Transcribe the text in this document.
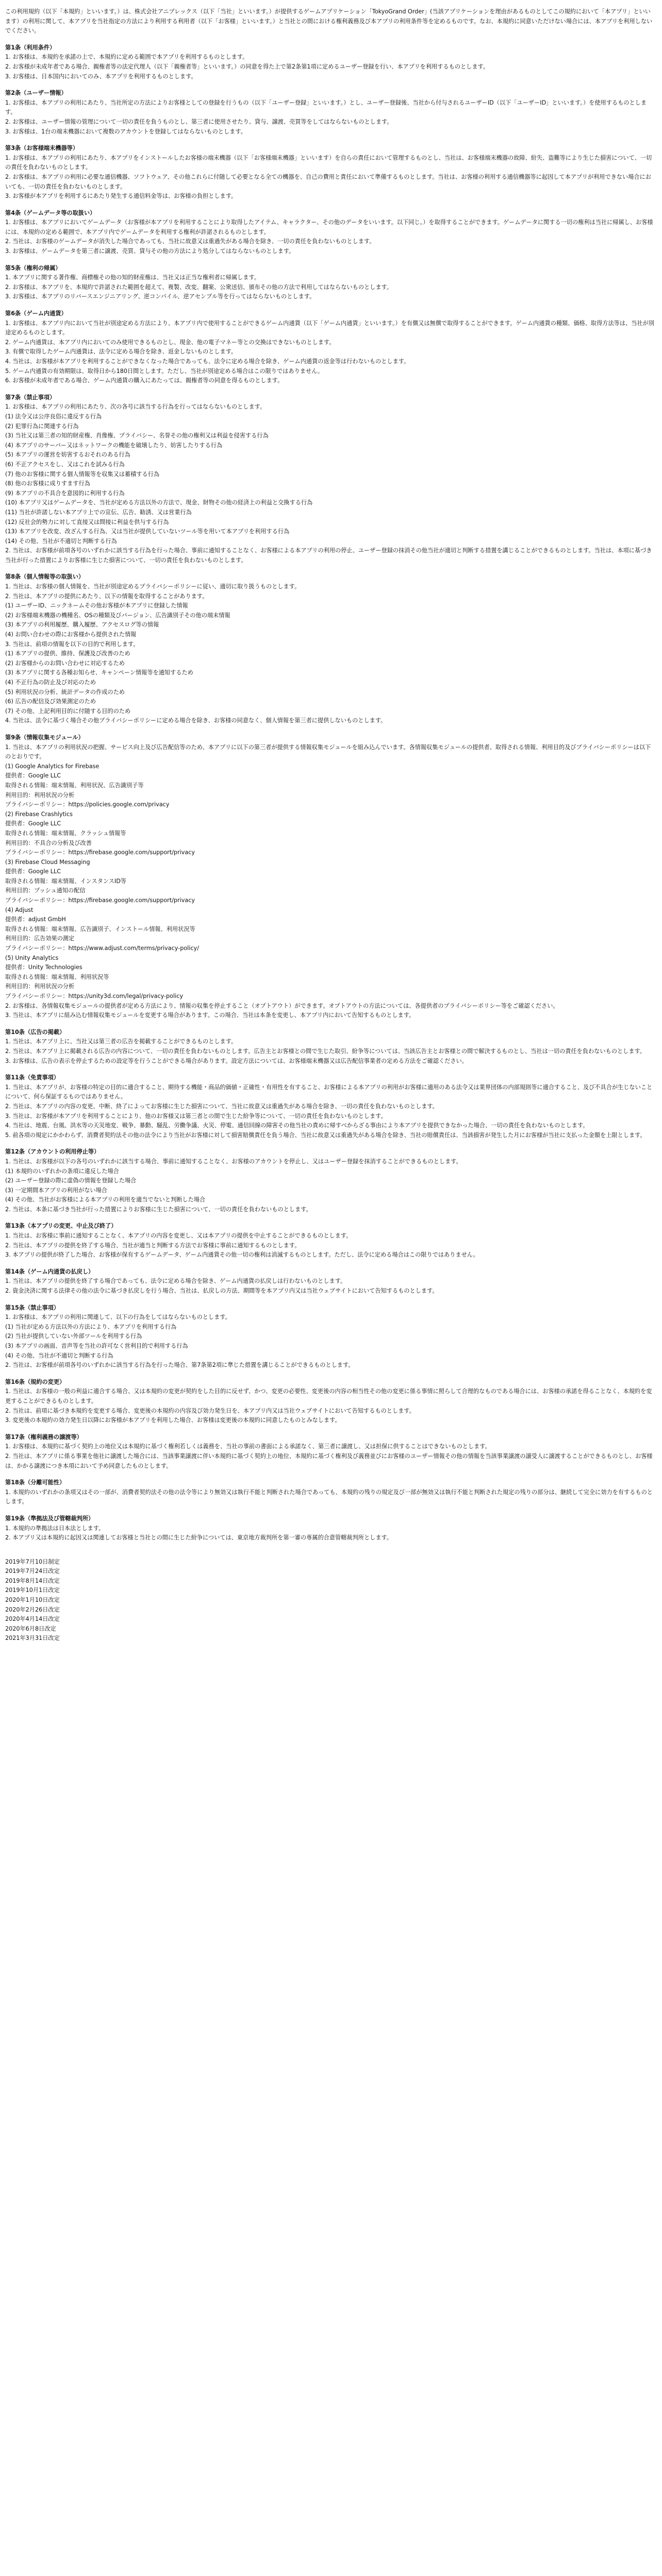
この利用規約（以下「本規約」といいます。）は、株式会社アニプレックス（以下「当社」といいます。）が提供するゲームアプリケーション「TokyoGrand Order」(当該アプリケーションを理由があるものとしてこの規約において「本アプリ」といいます）の利用に関して、本アプリを当社指定の方法により利用する利用者（以下「お客様」といいます。）と当社との間における権利義務及び本アプリの利用条件等を定めるものです。なお、本規約に同意いただけない場合には、本アプリを利用しないでください。

第1条（利用条件）

1. お客様は、本規約を承諾の上で、本規約に定める範囲で本アプリを利用するものとします。

2. お客様が未成年者である場合、親権者等の法定代理人（以下「親権者等」といいます。）の同意を得た上で第2条第1項に定めるユーザー登録を行い、本アプリを利用するものとします。

3. お客様は、日本国内においてのみ、本アプリを利用するものとします。

第2条（ユーザー情報）

1. お客様は、本アプリの利用にあたり、当社所定の方法によりお客様としての登録を行うもの（以下「ユーザー登録」といいます。）とし、ユーザー登録後、当社から付与されるユーザーID（以下「ユーザーID」といいます。）を使用するものとします。

2. お客様は、ユーザー情報の管理について一切の責任を負うものとし、第三者に使用させたり、貸与、譲渡、売買等をしてはならないものとします。

3. お客様は、1台の端末機器において複数のアカウントを登録してはならないものとします。

第3条（お客様端末機器等）

1. お客様は、本アプリの利用にあたり、本アプリをインストールしたお客様の端末機器（以下「お客様端末機器」といいます）を自らの責任において管理するものとし、当社は、お客様端末機器の故障、紛失、盗難等により生じた損害について、一切の責任を負わないものとします。

2. お客様は、本アプリの利用に必要な通信機器、ソフトウェア、その他これらに付随して必要となる全ての機器を、自己の費用と責任において準備するものとします。当社は、お客様の利用する通信機器等に起因して本アプリが利用できない場合においても、一切の責任を負わないものとします。

3. お客様が本アプリを利用するにあたり発生する通信料金等は、お客様の負担とします。

第4条（ゲームデータ等の取扱い）

1. お客様は、本アプリにおいてゲームデータ（お客様が本アプリを利用することにより取得したアイテム、キャラクター、その他のデータをいいます。以下同じ。）を取得することができます。ゲームデータに関する一切の権利は当社に帰属し、お客様には、本規約の定める範囲で、本アプリ内でゲームデータを利用する権利が許諾されるものとします。

2. 当社は、お客様のゲームデータが消失した場合であっても、当社に故意又は重過失がある場合を除き、一切の責任を負わないものとします。

3. お客様は、ゲームデータを第三者に譲渡、売買、貸与その他の方法により処分してはならないものとします。

第5条（権利の帰属）

1. 本アプリに関する著作権、商標権その他の知的財産権は、当社又は正当な権利者に帰属します。

2. お客様は、本アプリを、本規約で許諾された範囲を超えて、複製、改変、翻案、公衆送信、頒布その他の方法で利用してはならないものとします。

3. お客様は、本アプリのリバースエンジニアリング、逆コンパイル、逆アセンブル等を行ってはならないものとします。

第6条（ゲーム内通貨）

1. お客様は、本アプリ内において当社が別途定める方法により、本アプリ内で使用することができるゲーム内通貨（以下「ゲーム内通貨」といいます。）を有償又は無償で取得することができます。ゲーム内通貨の種類、価格、取得方法等は、当社が別途定めるものとします。

2. ゲーム内通貨は、本アプリ内においてのみ使用できるものとし、現金、他の電子マネー等との交換はできないものとします。

3. 有償で取得したゲーム内通貨は、法令に定める場合を除き、返金しないものとします。

4. 当社は、お客様が本アプリを利用することができなくなった場合であっても、法令に定める場合を除き、ゲーム内通貨の返金等は行わないものとします。

5. ゲーム内通貨の有効期限は、取得日から180日間とします。ただし、当社が別途定める場合はこの限りではありません。

6. お客様が未成年者である場合、ゲーム内通貨の購入にあたっては、親権者等の同意を得るものとします。

第7条（禁止事項）

1. お客様は、本アプリの利用にあたり、次の各号に該当する行為を行ってはならないものとします。

(1) 法令又は公序良俗に違反する行為

(2) 犯罪行為に関連する行為

(3) 当社又は第三者の知的財産権、肖像権、プライバシー、名誉その他の権利又は利益を侵害する行為

(4) 本アプリのサーバー又はネットワークの機能を破壊したり、妨害したりする行為

(5) 本アプリの運営を妨害するおそれのある行為

(6) 不正アクセスをし、又はこれを試みる行為

(7) 他のお客様に関する個人情報等を収集又は蓄積する行為

(8) 他のお客様に成りすます行為

(9) 本アプリの不具合を意図的に利用する行為

(10) 本アプリ又はゲームデータを、当社が定める方法以外の方法で、現金、財物その他の経済上の利益と交換する行為

(11) 当社が許諾しない本アプリ上での宣伝、広告、勧誘、又は営業行為

(12) 反社会的勢力に対して直接又は間接に利益を供与する行為

(13) 本アプリを改変、改ざんする行為、又は当社が提供していないツール等を用いて本アプリを利用する行為

(14) その他、当社が不適切と判断する行為

2. 当社は、お客様が前項各号のいずれかに該当する行為を行った場合、事前に通知することなく、お客様による本アプリの利用の停止、ユーザー登録の抹消その他当社が適切と判断する措置を講じることができるものとします。当社は、本項に基づき当社が行った措置によりお客様に生じた損害について、一切の責任を負わないものとします。

第8条（個人情報等の取扱い）

1. 当社は、お客様の個人情報を、当社が別途定めるプライバシーポリシーに従い、適切に取り扱うものとします。

2. 当社は、本アプリの提供にあたり、以下の情報を取得することがあります。

(1) ユーザーID、ニックネームその他お客様が本アプリに登録した情報

(2) お客様端末機器の機種名、OSの種類及びバージョン、広告識別子その他の端末情報

(3) 本アプリの利用履歴、購入履歴、アクセスログ等の情報

(4) お問い合わせの際にお客様から提供された情報

3. 当社は、前項の情報を以下の目的で利用します。

(1) 本アプリの提供、維持、保護及び改善のため

(2) お客様からのお問い合わせに対応するため

(3) 本アプリに関する各種お知らせ、キャンペーン情報等を通知するため

(4) 不正行為の防止及び対応のため

(5) 利用状況の分析、統計データの作成のため

(6) 広告の配信及び効果測定のため

(7) その他、上記利用目的に付随する目的のため

4. 当社は、法令に基づく場合その他プライバシーポリシーに定める場合を除き、お客様の同意なく、個人情報を第三者に提供しないものとします。

第9条（情報収集モジュール）

1. 当社は、本アプリの利用状況の把握、サービス向上及び広告配信等のため、本アプリに以下の第三者が提供する情報収集モジュールを組み込んでいます。各情報収集モジュールの提供者、取得される情報、利用目的及びプライバシーポリシーは以下のとおりです。

(1) Google Analytics for Firebase

提供者：Google LLC

取得される情報：端末情報、利用状況、広告識別子等

利用目的：利用状況の分析

プライバシーポリシー：https://policies.google.com/privacy

(2) Firebase Crashlytics

提供者：Google LLC

取得される情報：端末情報、クラッシュ情報等

利用目的：不具合の分析及び改善

プライバシーポリシー：https://firebase.google.com/support/privacy

(3) Firebase Cloud Messaging

提供者：Google LLC

取得される情報：端末情報、インスタンスID等

利用目的：プッシュ通知の配信

プライバシーポリシー：https://firebase.google.com/support/privacy

(4) Adjust

提供者：adjust GmbH

取得される情報：端末情報、広告識別子、インストール情報、利用状況等

利用目的：広告効果の測定

プライバシーポリシー：https://www.adjust.com/terms/privacy-policy/

(5) Unity Analytics

提供者：Unity Technologies

取得される情報：端末情報、利用状況等

利用目的：利用状況の分析

プライバシーポリシー：https://unity3d.com/legal/privacy-policy

2. お客様は、各情報収集モジュールの提供者が定める方法により、情報の収集を停止すること（オプトアウト）ができます。オプトアウトの方法については、各提供者のプライバシーポリシー等をご確認ください。

3. 当社は、本アプリに組み込む情報収集モジュールを変更する場合があります。この場合、当社は本条を変更し、本アプリ内において告知するものとします。

第10条（広告の掲載）

1. 当社は、本アプリ上に、当社又は第三者の広告を掲載することができるものとします。

2. 当社は、本アプリ上に掲載される広告の内容について、一切の責任を負わないものとします。広告主とお客様との間で生じた取引、紛争等については、当該広告主とお客様との間で解決するものとし、当社は一切の責任を負わないものとします。

3. お客様は、広告の表示を停止するための設定等を行うことができる場合があります。設定方法については、お客様端末機器又は広告配信事業者の定める方法をご確認ください。

第11条（免責事項）

1. 当社は、本アプリが、お客様の特定の目的に適合すること、期待する機能・商品的価値・正確性・有用性を有すること、お客様による本アプリの利用がお客様に適用のある法令又は業界団体の内部規則等に適合すること、及び不具合が生じないことについて、何ら保証するものではありません。

2. 当社は、本アプリの内容の変更、中断、終了によってお客様に生じた損害について、当社に故意又は重過失がある場合を除き、一切の責任を負わないものとします。

3. 当社は、お客様が本アプリを利用することにより、他のお客様又は第三者との間で生じた紛争等について、一切の責任を負わないものとします。

4. 当社は、地震、台風、洪水等の天災地変、戦争、暴動、騒乱、労働争議、火災、停電、通信回線の障害その他当社の責めに帰すべからざる事由により本アプリを提供できなかった場合、一切の責任を負わないものとします。

5. 前各項の規定にかかわらず、消費者契約法その他の法令により当社がお客様に対して損害賠償責任を負う場合、当社に故意又は重過失がある場合を除き、当社の賠償責任は、当該損害が発生した月にお客様が当社に支払った金額を上限とします。

第12条（アカウントの利用停止等）

1. 当社は、お客様が以下の各号のいずれかに該当する場合、事前に通知することなく、お客様のアカウントを停止し、又はユーザー登録を抹消することができるものとします。

(1) 本規約のいずれかの条項に違反した場合

(2) ユーザー登録の際に虚偽の情報を登録した場合

(3) 一定期間本アプリの利用がない場合

(4) その他、当社がお客様による本アプリの利用を適当でないと判断した場合

2. 当社は、本条に基づき当社が行った措置によりお客様に生じた損害について、一切の責任を負わないものとします。

第13条（本アプリの変更、中止及び終了）

1. 当社は、お客様に事前に通知することなく、本アプリの内容を変更し、又は本アプリの提供を中止することができるものとします。

2. 当社は、本アプリの提供を終了する場合、当社が適当と判断する方法でお客様に事前に通知するものとします。

3. 本アプリの提供が終了した場合、お客様が保有するゲームデータ、ゲーム内通貨その他一切の権利は消滅するものとします。ただし、法令に定める場合はこの限りではありません。

第14条（ゲーム内通貨の払戻し）

1. 当社は、本アプリの提供を終了する場合であっても、法令に定める場合を除き、ゲーム内通貨の払戻しは行わないものとします。

2. 資金決済に関する法律その他の法令に基づき払戻しを行う場合、当社は、払戻しの方法、期間等を本アプリ内又は当社ウェブサイトにおいて告知するものとします。

第15条（禁止事項）

1. お客様は、本アプリの利用に関連して、以下の行為をしてはならないものとします。

(1) 当社が定める方法以外の方法により、本アプリを利用する行為

(2) 当社が提供していない外部ツールを利用する行為

(3) 本アプリの画面、音声等を当社の許可なく営利目的で利用する行為

(4) その他、当社が不適切と判断する行為

2. 当社は、お客様が前項各号のいずれかに該当する行為を行った場合、第7条第2項に準じた措置を講じることができるものとします。

第16条（規約の変更）

1. 当社は、お客様の一般の利益に適合する場合、又は本規約の変更が契約をした目的に反せず、かつ、変更の必要性、変更後の内容の相当性その他の変更に係る事情に照らして合理的なものである場合には、お客様の承諾を得ることなく、本規約を変更することができるものとします。

2. 当社は、前項に基づき本規約を変更する場合、変更後の本規約の内容及び効力発生日を、本アプリ内又は当社ウェブサイトにおいて告知するものとします。

3. 変更後の本規約の効力発生日以降にお客様が本アプリを利用した場合、お客様は変更後の本規約に同意したものとみなします。

第17条（権利義務の譲渡等）

1. お客様は、本規約に基づく契約上の地位又は本規約に基づく権利若しくは義務を、当社の事前の書面による承諾なく、第三者に譲渡し、又は担保に供することはできないものとします。

2. 当社は、本アプリに係る事業を他社に譲渡した場合には、当該事業譲渡に伴い本規約に基づく契約上の地位、本規約に基づく権利及び義務並びにお客様のユーザー情報その他の情報を当該事業譲渡の譲受人に譲渡することができるものとし、お客様は、かかる譲渡につき本項において予め同意したものとします。

第18条（分離可能性）

1. 本規約のいずれかの条項又はその一部が、消費者契約法その他の法令等により無効又は執行不能と判断された場合であっても、本規約の残りの規定及び一部が無効又は執行不能と判断された規定の残りの部分は、継続して完全に効力を有するものとします。

第19条（準拠法及び管轄裁判所）

1. 本規約の準拠法は日本法とします。

2. 本アプリ又は本規約に起因又は関連してお客様と当社との間に生じた紛争については、東京地方裁判所を第一審の専属的合意管轄裁判所とします。

2019年7月10日制定

2019年7月24日改定

2019年8月14日改定

2019年10月1日改定

2020年1月10日改定

2020年2月26日改定

2020年4月14日改定

2020年6月8日改定

2021年3月31日改定
